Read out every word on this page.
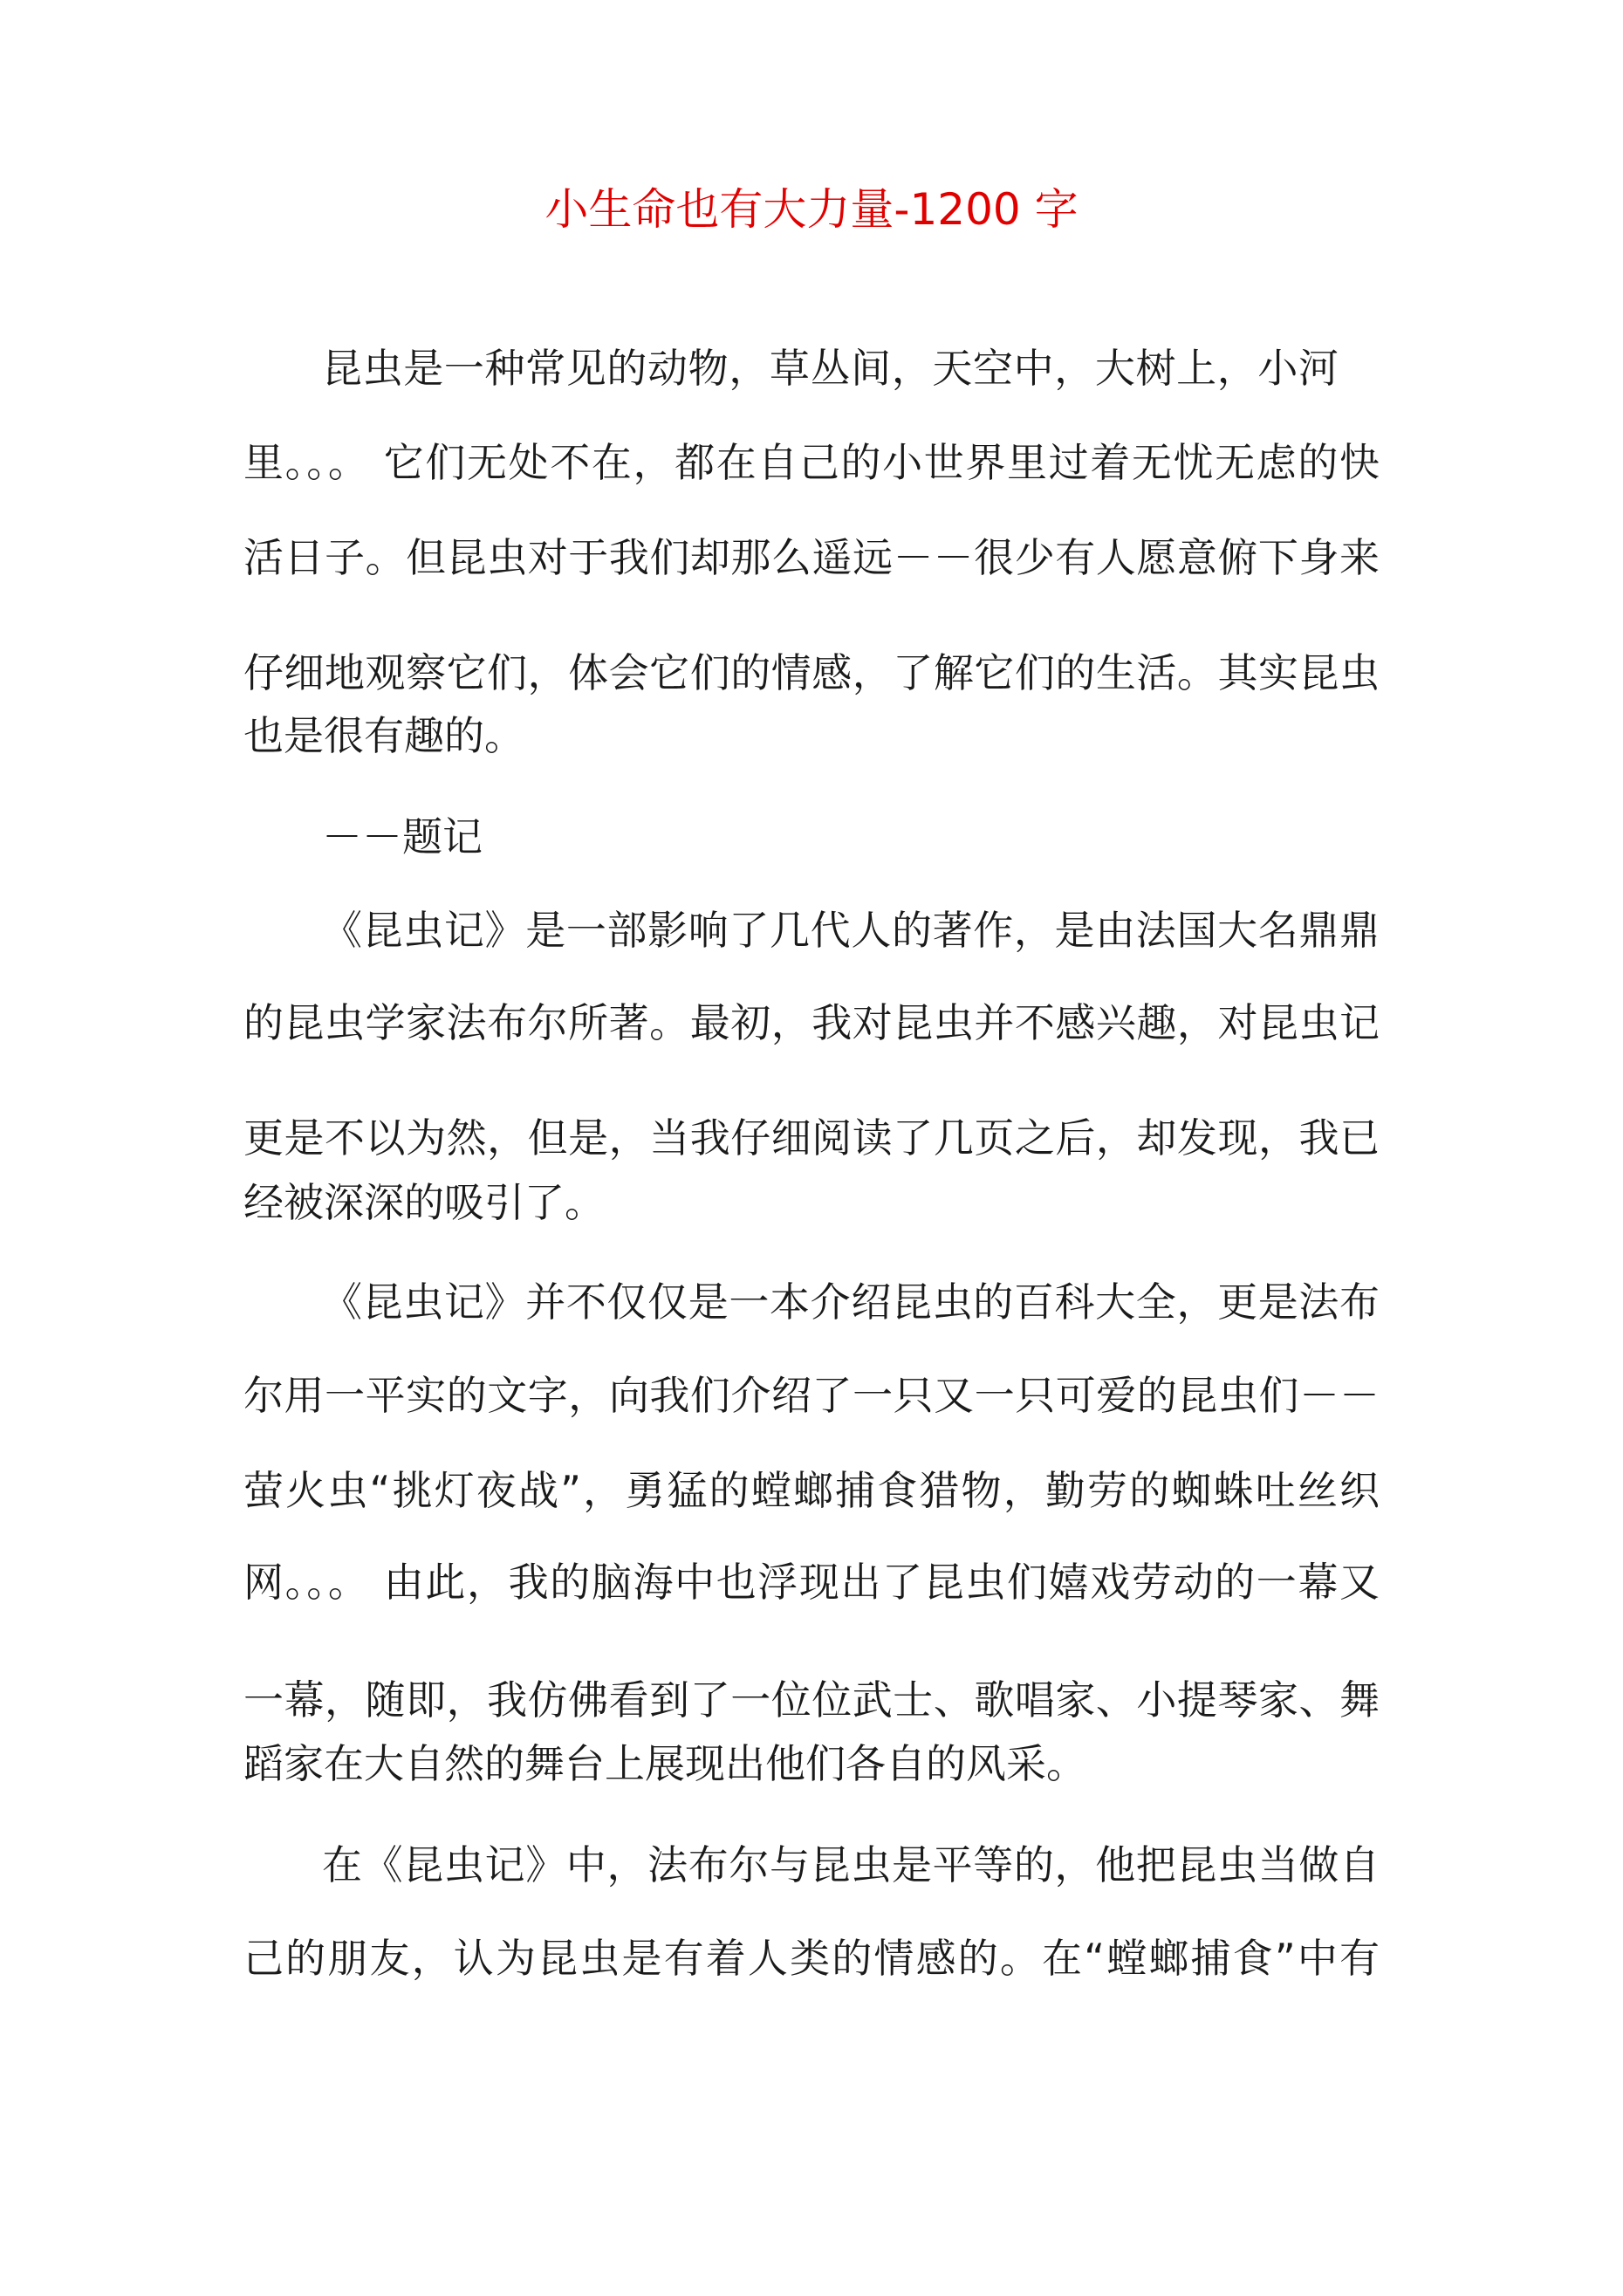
小生命也有大力量-1200 字
昆虫是一种常见的动物，草丛间，天空中，大树上，小河
里。。。 它们无处不在，都在自己的小世界里过着无忧无虑的快
活日子。但昆虫对于我们却那么遥远－－很少有人愿意俯下身来
仔细地观察它们，体会它们的情感，了解它们的生活。其实昆虫
也是很有趣的。
－－题记
《昆虫记》是一部影响了几代人的著作，是由法国大名鼎鼎
的昆虫学家法布尔所著。最初，我对昆虫并不感兴趣，对昆虫记
更是不以为然，但是，当我仔细阅读了几页之后，却发现，我已
经被深深的吸引了。
《昆虫记》并不仅仅是一本介绍昆虫的百科大全，更是法布
尔用一平实的文字，向我们介绍了一只又一只可爱的昆虫们－－
萤火虫“挑灯夜战”，勇猛的螳螂捕食猎物，勤劳的蜘蛛吐丝织
网。。。 由此，我的脑海中也浮现出了昆虫们嬉戏劳动的一幕又
一幕，随即，我仿佛看到了一位位武士、歌唱家、小提琴家、舞
蹈家在大自然的舞台上展现出他们各自的风采。
在《昆虫记》中，法布尔与昆虫是平等的，他把昆虫当做自
己的朋友，认为昆虫是有着人类的情感的。在“螳螂捕食”中有
